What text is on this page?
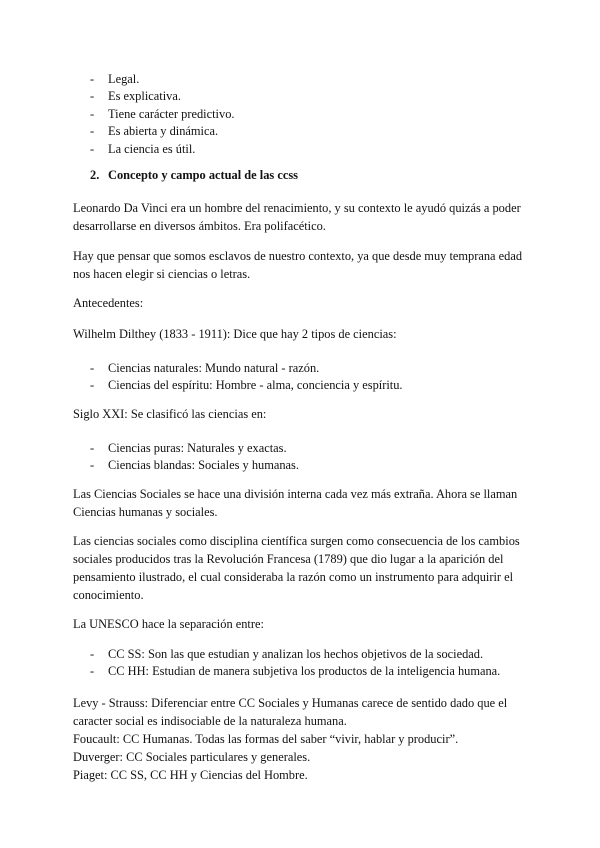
- Legal.
- Es explicativa.
- Tiene carácter predictivo.
- Es abierta y dinámica.
- La ciencia es útil.
2. Concepto y campo actual de las ccss

Leonardo Da Vinci era un hombre del renacimiento, y su contexto le ayudó quizás a poder
desarrollarse en diversos ámbitos. Era polifacético.

Hay que pensar que somos esclavos de nuestro contexto, ya que desde muy temprana edad
nos hacen elegir si ciencias o letras.

Antecedentes:

Wilhelm Dilthey (1833 - 1911): Dice que hay 2 tipos de ciencias:

- Ciencias naturales: Mundo natural - razón.
- Ciencias del espíritu: Hombre - alma, conciencia y espíritu.

Siglo XXI: Se clasificó las ciencias en:

- Ciencias puras: Naturales y exactas.
- Ciencias blandas: Sociales y humanas.

Las Ciencias Sociales se hace una división interna cada vez más extraña. Ahora se llaman
Ciencias humanas y sociales.

Las ciencias sociales como disciplina científica surgen como consecuencia de los cambios
sociales producidos tras la Revolución Francesa (1789) que dio lugar a la aparición del
pensamiento ilustrado, el cual consideraba la razón como un instrumento para adquirir el
conocimiento.

La UNESCO hace la separación entre:

- CC SS: Son las que estudian y analizan los hechos objetivos de la sociedad.
- CC HH: Estudian de manera subjetiva los productos de la inteligencia humana.

Levy - Strauss: Diferenciar entre CC Sociales y Humanas carece de sentido dado que el
caracter social es indisociable de la naturaleza humana.
Foucault: CC Humanas. Todas las formas del saber “vivir, hablar y producir”.
Duverger: CC Sociales particulares y generales.
Piaget: CC SS, CC HH y Ciencias del Hombre.
